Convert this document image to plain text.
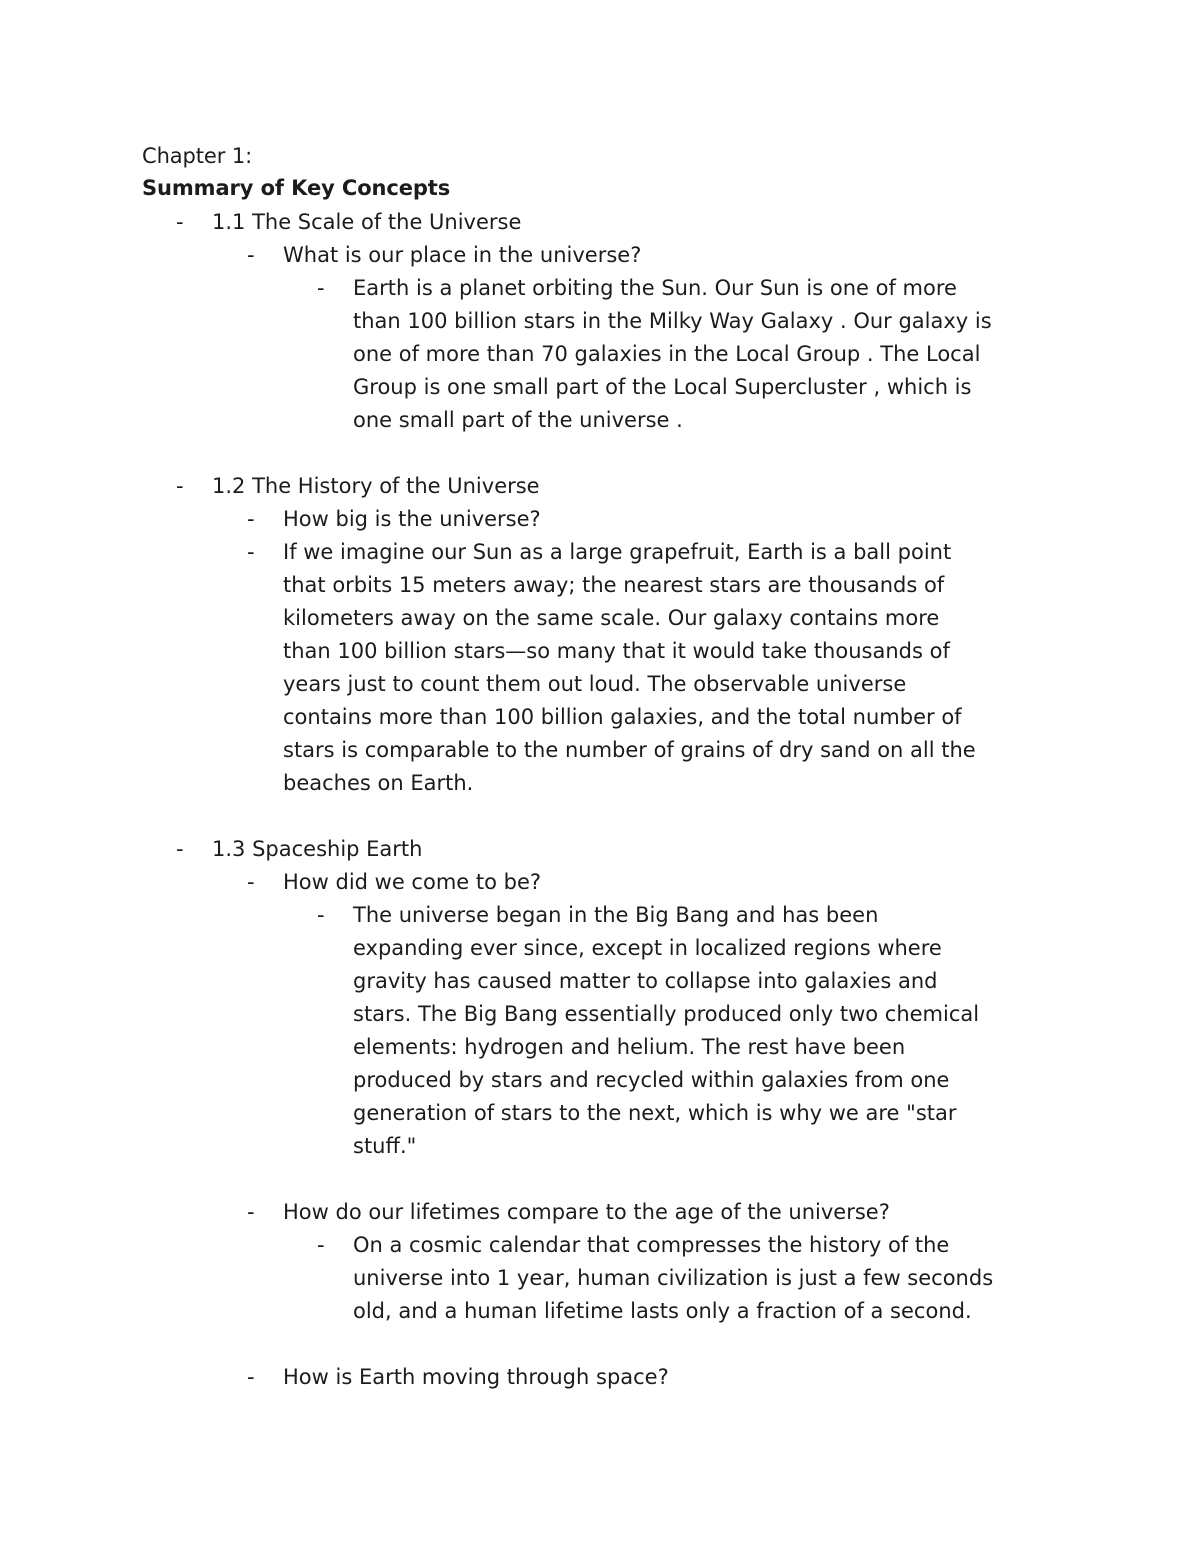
Chapter 1:
Summary of Key Concepts
- 1.1 The Scale of the Universe
- What is our place in the universe?
- Earth is a planet orbiting the Sun. Our Sun is one of more

than 100 billion stars in the Milky Way Galaxy . Our galaxy is

one of more than 70 galaxies in the Local Group . The Local

Group is one small part of the Local Supercluster , which is

one small part of the universe .

- 1.2 The History of the Universe
- How big is the universe?
- If we imagine our Sun as a large grapefruit, Earth is a ball point

that orbits 15 meters away; the nearest stars are thousands of

kilometers away on the same scale. Our galaxy contains more

than 100 billion stars—so many that it would take thousands of

years just to count them out loud. The observable universe

contains more than 100 billion galaxies, and the total number of

stars is comparable to the number of grains of dry sand on all the

beaches on Earth.

- 1.3 Spaceship Earth
- How did we come to be?
- The universe began in the Big Bang and has been

expanding ever since, except in localized regions where

gravity has caused matter to collapse into galaxies and

stars. The Big Bang essentially produced only two chemical

elements: hydrogen and helium. The rest have been

produced by stars and recycled within galaxies from one

generation of stars to the next, which is why we are "star

stuff."

- How do our lifetimes compare to the age of the universe?
- On a cosmic calendar that compresses the history of the

universe into 1 year, human civilization is just a few seconds

old, and a human lifetime lasts only a fraction of a second.

- How is Earth moving through space?
